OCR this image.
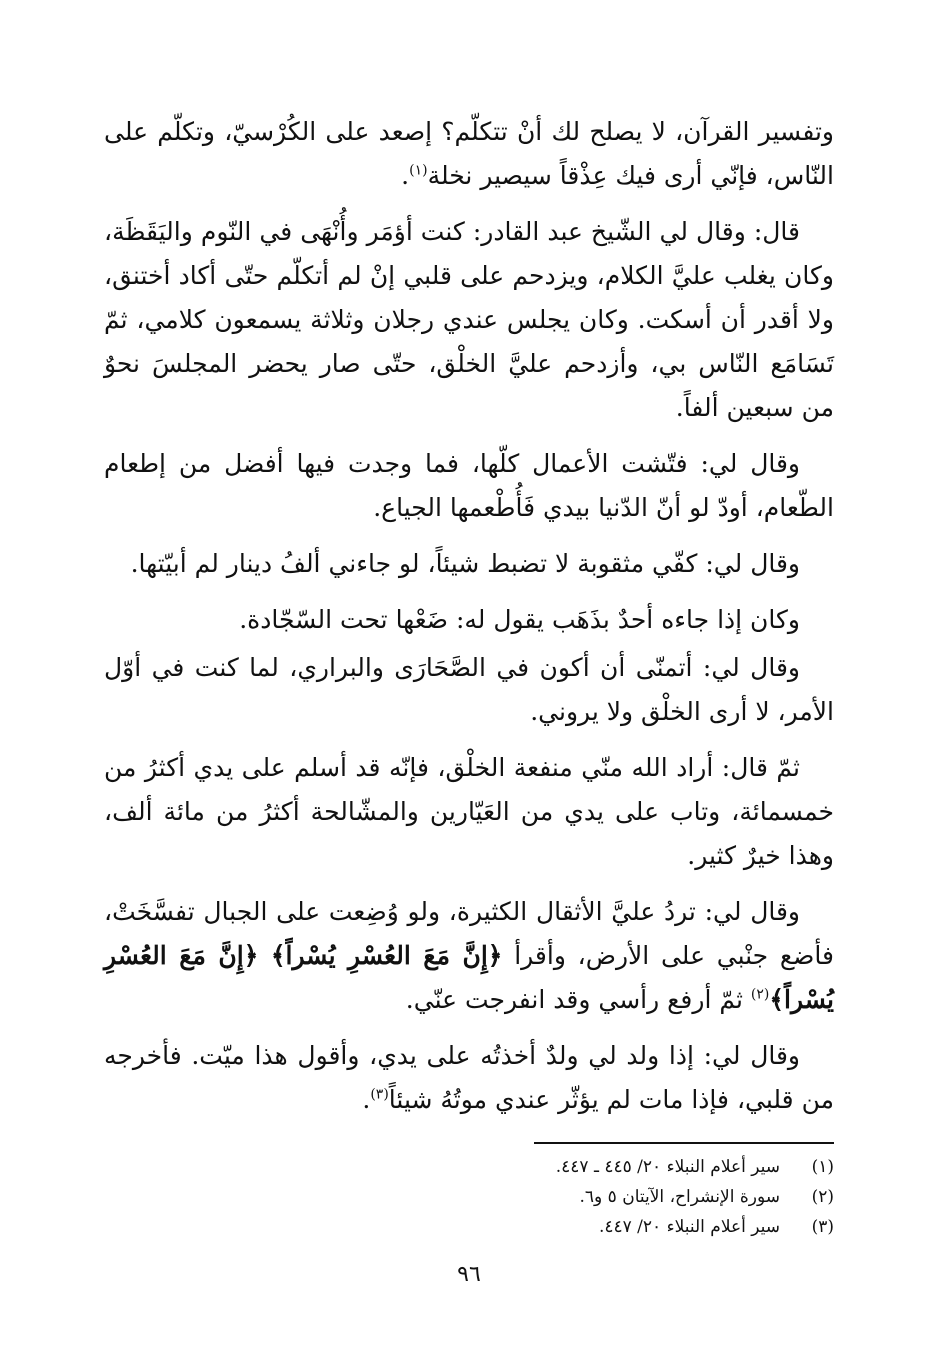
وتفسير القرآن، لا يصلح لك أنْ تتكلّم؟ إصعد على الكُرْسيّ، وتكلّم على النّاس، فإنّي أرى فيك عِذْقاً سيصير نخلة$^{(١)}$.

قال: وقال لي الشّيخ عبد القادر: كنت أؤمَر وأُنْهَى في النّوم واليَقَظَة، وكان يغلب عليَّ الكلام، ويزدحم على قلبي إنْ لم أتكلّم حتّى أكاد أختنق، ولا أقدر أن أسكت. وكان يجلس عندي رجلان وثلاثة يسمعون كلامي، ثمّ تَسَامَع النّاس بي، وأزدحم عليَّ الخلْق، حتّى صار يحضر المجلسَ نحوٌ من سبعين ألفاً.

وقال لي: فتّشت الأعمال كلّها، فما وجدت فيها أفضل من إطعام الطّعام، أودّ لو أنّ الدّنيا بيدي فَأُطْعمها الجياع.

وقال لي: كفّي مثقوبة لا تضبط شيئاً، لو جاءني ألفُ دينار لم أبيّتها.

وكان إذا جاءه أحدٌ بذَهَب يقول له: ضَعْها تحت السّجّادة.

وقال لي: أتمنّى أن أكون في الصَّحَارَى والبراري، لما كنت في أوّل الأمر، لا أرى الخلْق ولا يروني.

ثمّ قال: أراد الله منّي منفعة الخلْق، فإنّه قد أسلم على يدي أكثرُ من خمسمائة، وتاب على يدي من العَيّارين والمشّالحة أكثرُ من مائة ألف، وهذا خيرٌ كثير.

وقال لي: تردُ عليَّ الأثقال الكثيرة، ولو وُضِعت على الجبال تفسَّخَتْ، فأضع جنْبي على الأرض، وأقرأ ﴿إِنَّ مَعَ العُسْرِ يُسْراً﴾ ﴿إِنَّ مَعَ العُسْرِ يُسْراً﴾$^{(٢)}$ ثمّ أرفع رأسي وقد انفرجت عنّي.

وقال لي: إذا ولد لي ولدٌ أخذتُه على يدي، وأقول هذا ميّت. فأخرجه من قلبي، فإذا مات لم يؤثّر عندي موتُهُ شيئاً$^{(٣)}$.

(١)
سير أعلام النبلاء ٢٠/ ٤٤٥ ـ ٤٤٧.
(٢)
سورة الإنشراح، الآيتان ٥ و٦.
(٣)
سير أعلام النبلاء ٢٠/ ٤٤٧.
٩٦
